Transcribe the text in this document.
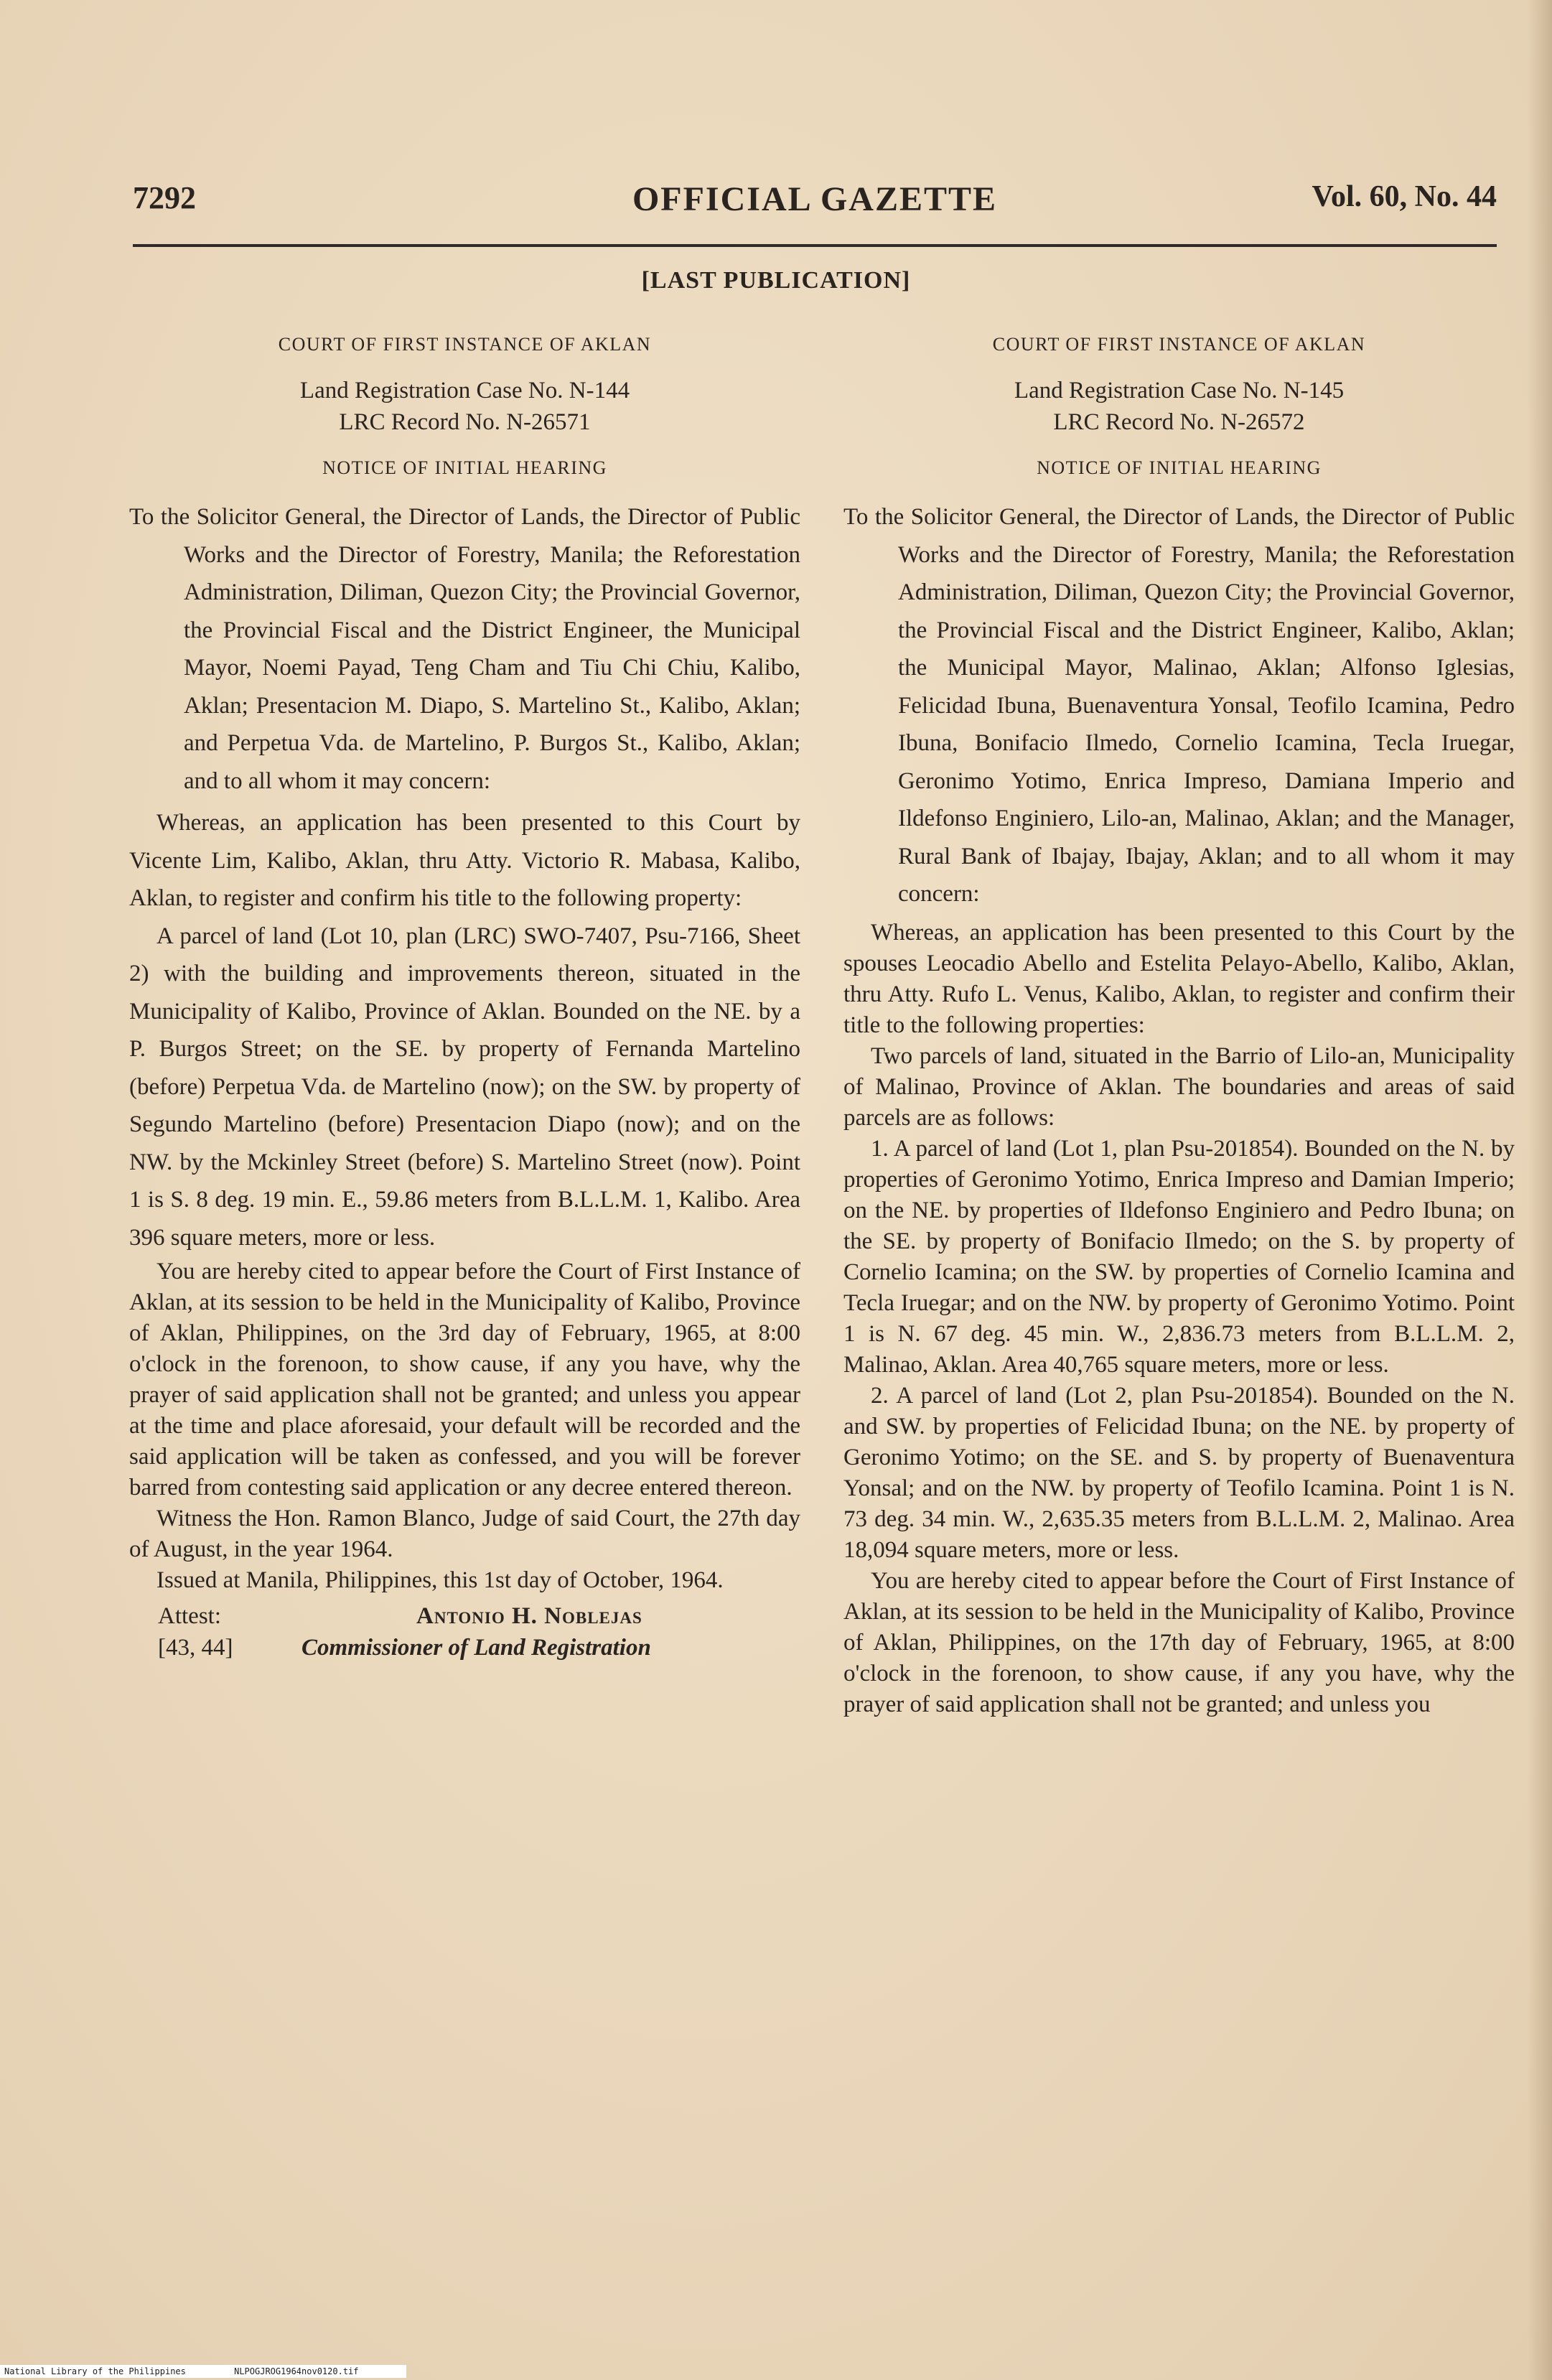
7292	OFFICIAL GAZETTE	Vol. 60, No. 44
[LAST PUBLICATION]
COURT OF FIRST INSTANCE OF AKLAN
Land Registration Case No. N-144
LRC Record No. N-26571
NOTICE OF INITIAL HEARING

To the Solicitor General, the Director of Lands, the Director of Public Works and the Director of Forestry, Manila; the Reforestation Administration, Diliman, Quezon City; the Provincial Governor, the Provincial Fiscal and the District Engineer, the Municipal Mayor, Noemi Payad, Teng Cham and Tiu Chi Chiu, Kalibo, Aklan; Presentacion M. Diapo, S. Martelino St., Kalibo, Aklan; and Perpetua Vda. de Martelino, P. Burgos St., Kalibo, Aklan; and to all whom it may concern:

Whereas, an application has been presented to this Court by Vicente Lim, Kalibo, Aklan, thru Atty. Victorio R. Mabasa, Kalibo, Aklan, to register and confirm his title to the following property:

A parcel of land (Lot 10, plan (LRC) SWO-7407, Psu-7166, Sheet 2) with the building and improvements thereon, situated in the Municipality of Kalibo, Province of Aklan. Bounded on the NE. by a P. Burgos Street; on the SE. by property of Fernanda Martelino (before) Perpetua Vda. de Martelino (now); on the SW. by property of Segundo Martelino (before) Presentacion Diapo (now); and on the NW. by the Mckinley Street (before) S. Martelino Street (now). Point 1 is S. 8 deg. 19 min. E., 59.86 meters from B.L.L.M. 1, Kalibo. Area 396 square meters, more or less.

You are hereby cited to appear before the Court of First Instance of Aklan, at its session to be held in the Municipality of Kalibo, Province of Aklan, Philippines, on the 3rd day of February, 1965, at 8:00 o'clock in the forenoon, to show cause, if any you have, why the prayer of said application shall not be granted; and unless you appear at the time and place aforesaid, your default will be recorded and the said application will be taken as confessed, and you will be forever barred from contesting said application or any decree entered thereon.

Witness the Hon. Ramon Blanco, Judge of said Court, the 27th day of August, in the year 1964.

Issued at Manila, Philippines, this 1st day of October, 1964.

Attest:	Antonio H. Noblejas
[43, 44]	Commissioner of Land Registration
COURT OF FIRST INSTANCE OF AKLAN
Land Registration Case No. N-145
LRC Record No. N-26572
NOTICE OF INITIAL HEARING

To the Solicitor General, the Director of Lands, the Director of Public Works and the Director of Forestry, Manila; the Reforestation Administration, Diliman, Quezon City; the Provincial Governor, the Provincial Fiscal and the District Engineer, Kalibo, Aklan; the Municipal Mayor, Malinao, Aklan; Alfonso Iglesias, Felicidad Ibuna, Buenaventura Yonsal, Teofilo Icamina, Pedro Ibuna, Bonifacio Ilmedo, Cornelio Icamina, Tecla Iruegar, Geronimo Yotimo, Enrica Impreso, Damiana Imperio and Ildefonso Enginiero, Lilo-an, Malinao, Aklan; and the Manager, Rural Bank of Ibajay, Ibajay, Aklan; and to all whom it may concern:

Whereas, an application has been presented to this Court by the spouses Leocadio Abello and Estelita Pelayo-Abello, Kalibo, Aklan, thru Atty. Rufo L. Venus, Kalibo, Aklan, to register and confirm their title to the following properties:

Two parcels of land, situated in the Barrio of Lilo-an, Municipality of Malinao, Province of Aklan. The boundaries and areas of said parcels are as follows:

1. A parcel of land (Lot 1, plan Psu-201854). Bounded on the N. by properties of Geronimo Yotimo, Enrica Impreso and Damian Imperio; on the NE. by properties of Ildefonso Enginiero and Pedro Ibuna; on the SE. by property of Bonifacio Ilmedo; on the S. by property of Cornelio Icamina; on the SW. by properties of Cornelio Icamina and Tecla Iruegar; and on the NW. by property of Geronimo Yotimo. Point 1 is N. 67 deg. 45 min. W., 2,836.73 meters from B.L.L.M. 2, Malinao, Aklan. Area 40,765 square meters, more or less.

2. A parcel of land (Lot 2, plan Psu-201854). Bounded on the N. and SW. by properties of Felicidad Ibuna; on the NE. by property of Geronimo Yotimo; on the SE. and S. by property of Buenaventura Yonsal; and on the NW. by property of Teofilo Icamina. Point 1 is N. 73 deg. 34 min. W., 2,635.35 meters from B.L.L.M. 2, Malinao. Area 18,094 square meters, more or less.

You are hereby cited to appear before the Court of First Instance of Aklan, at its session to be held in the Municipality of Kalibo, Province of Aklan, Philippines, on the 17th day of February, 1965, at 8:00 o'clock in the forenoon, to show cause, if any you have, why the prayer of said application shall not be granted; and unless you

National Library of the Philippines	NLPOGJROG1964nov0120.tif
